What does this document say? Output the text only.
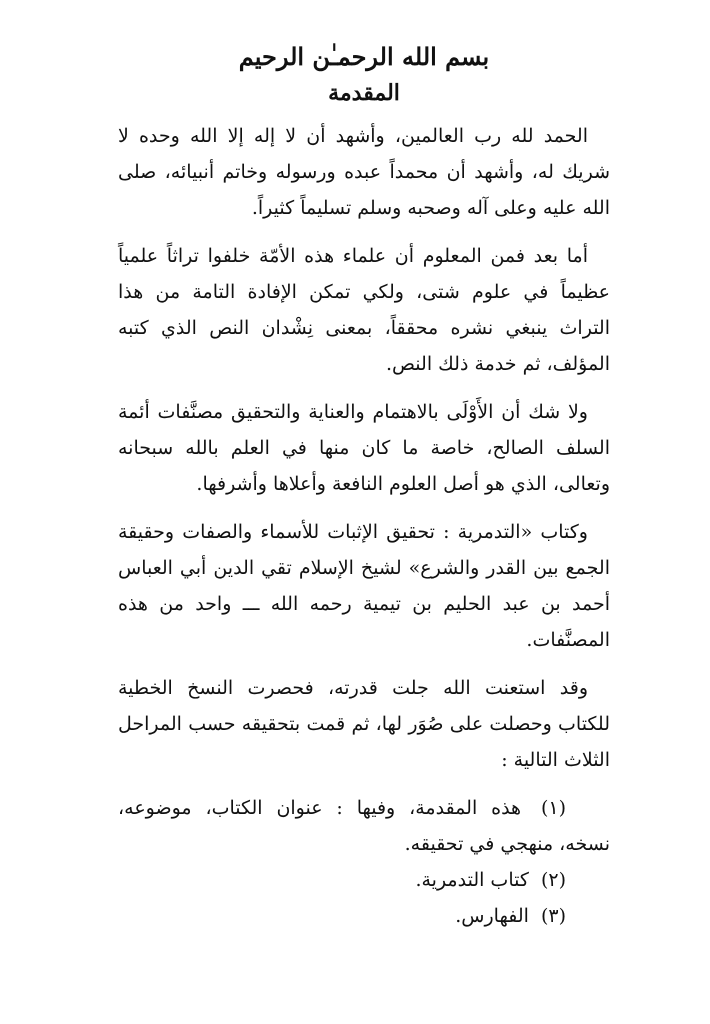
بسم الله الرحمـٰن الرحيم
المقدمة

الحمد لله رب العالمين، وأشهد أن لا إله إلا الله وحده لا شريك له، وأشهد أن محمداً عبده ورسوله وخاتم أنبيائه، صلى الله عليه وعلى آله وصحبه وسلم تسليماً كثيراً.

أما بعد فمن المعلوم أن علماء هذه الأمّة خلفوا تراثاً علمياً عظيماً في علوم شتى، ولكي تمكن الإفادة التامة من هذا التراث ينبغي نشره محققاً، بمعنى نِشْدان النص الذي كتبه المؤلف، ثم خدمة ذلك النص.

ولا شك أن الأَوْلَى بالاهتمام والعناية والتحقيق مصنَّفات أئمة السلف الصالح، خاصة ما كان منها في العلم بالله سبحانه وتعالى، الذي هو أصل العلوم النافعة وأعلاها وأشرفها.

وكتاب «التدمرية : تحقيق الإثبات للأسماء والصفات وحقيقة الجمع بين القدر والشرع» لشيخ الإسلام تقي الدين أبي العباس أحمد بن عبد الحليم بن تيمية رحمه الله ـــ واحد من هذه المصنَّفات.

وقد استعنت الله جلت قدرته، فحصرت النسخ الخطية للكتاب وحصلت على صُوَر لها، ثم قمت بتحقيقه حسب المراحل الثلاث التالية :

(١) هذه المقدمة، وفيها : عنوان الكتاب، موضوعه، نسخه، منهجي في تحقيقه.
(٢) كتاب التدمرية.
(٣) الفهارس.
